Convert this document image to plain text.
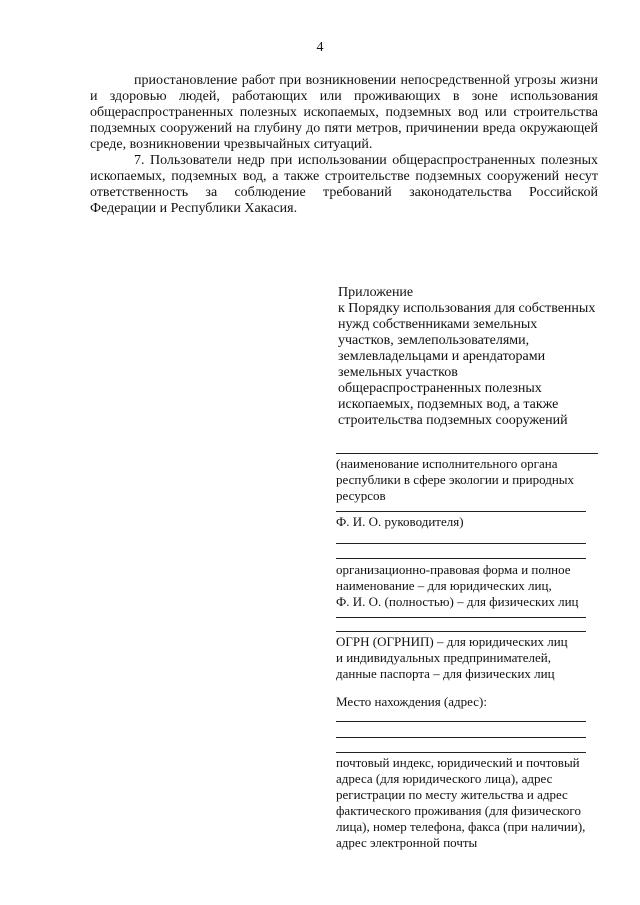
4

приостановление работ при возникновении непосредственной угрозы жизни и здоровью людей, работающих или проживающих в зоне использования общераспространенных полезных ископаемых, подземных вод или строительства подземных сооружений на глубину до пяти метров, причинении вреда окружающей среде, возникновении чрезвычайных ситуаций.

7. Пользователи недр при использовании общераспространенных полезных ископаемых, подземных вод, а также строительстве подземных сооружений несут ответственность за соблюдение требований законодательства Российской Федерации и Республики Хакасия.

Приложение
к Порядку использования для собственных
нужд собственниками земельных
участков, землепользователями,
землевладельцами и арендаторами
земельных участков
общераспространенных полезных
ископаемых, подземных вод, а также
строительства подземных сооружений
(наименование исполнительного органа
республики в сфере экологии и природных
ресурсов
Ф. И. О. руководителя)
организационно-правовая форма и полное
наименование – для юридических лиц,
Ф. И. О. (полностью) – для физических лиц
ОГРН (ОГРНИП) – для юридических лиц
и индивидуальных предпринимателей,
данные паспорта – для физических лиц
Место нахождения (адрес):
почтовый индекс, юридический и почтовый
адреса (для юридического лица), адрес
регистрации по месту жительства и адрес
фактического проживания (для физического
лица), номер телефона, факса (при наличии),
адрес электронной почты
